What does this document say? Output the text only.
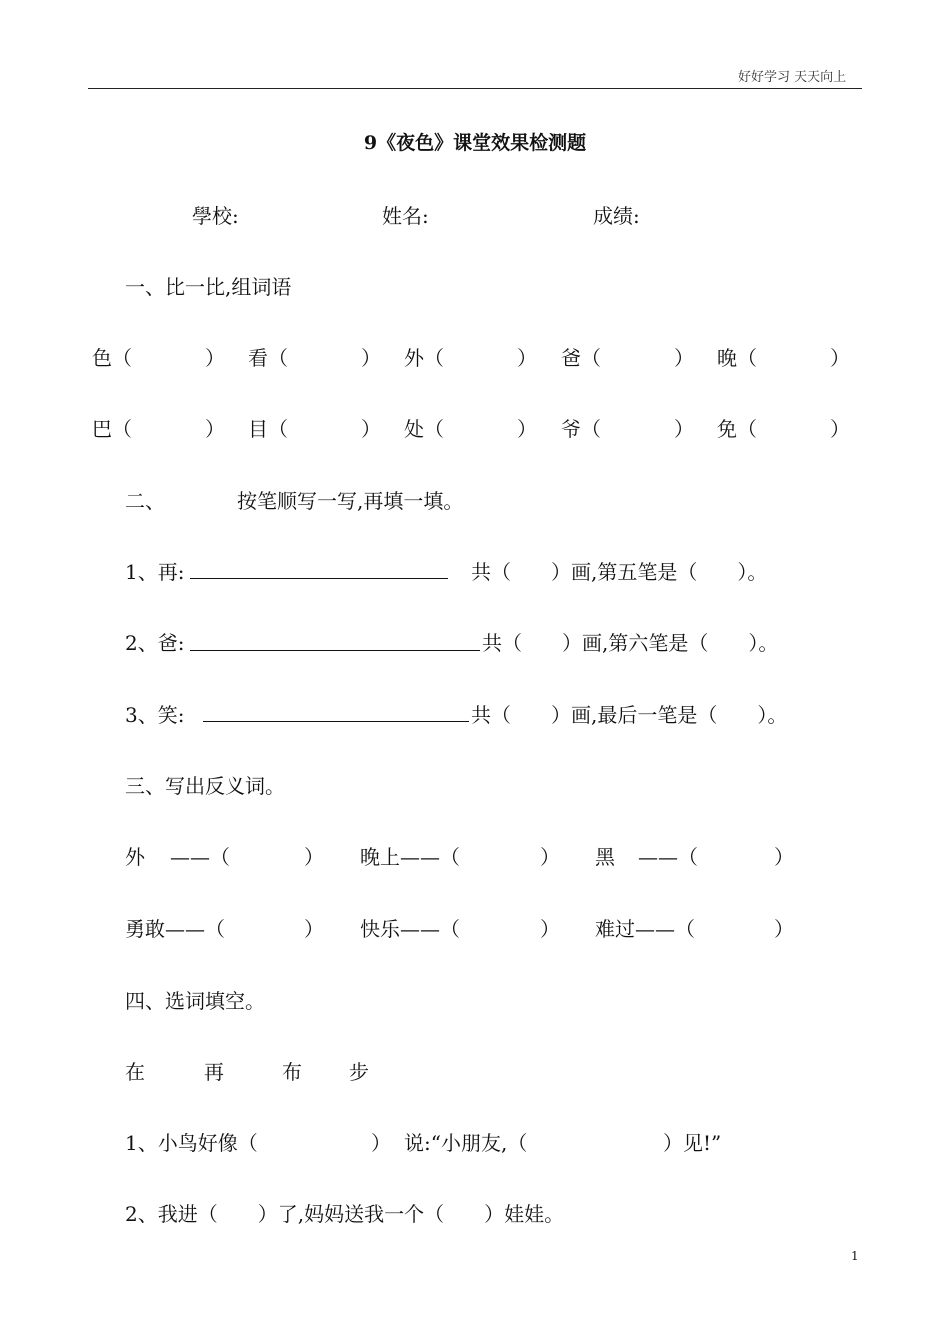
好好学习 天天向上
9《夜色》课堂效果检测题
學校:	姓名:	成绩:
一、比一比,组词语
色（	） 看（	） 外（	） 爸（	） 晚（	）
巴（	） 目（	） 处（	） 爷（	） 免（	）
二、	按笔顺写一写,再填一填。
1、再:	共（　　）画,第五笔是（　　）。
2、爸:	共（　　）画,第六笔是（　　）。
3、笑:	共（　　）画,最后一笔是（　　）。
三、写出反义词。
外 ——（	） 晚上——（	） 黑 ——（	）
勇敢——（	） 快乐——（	） 难过——（	）
四、选词填空。
在	再	布 步
1、小鸟好像（	） 说:“小朋友,（	）见!”
2、我进（　　）了,妈妈送我一个（　　）娃娃。
1
